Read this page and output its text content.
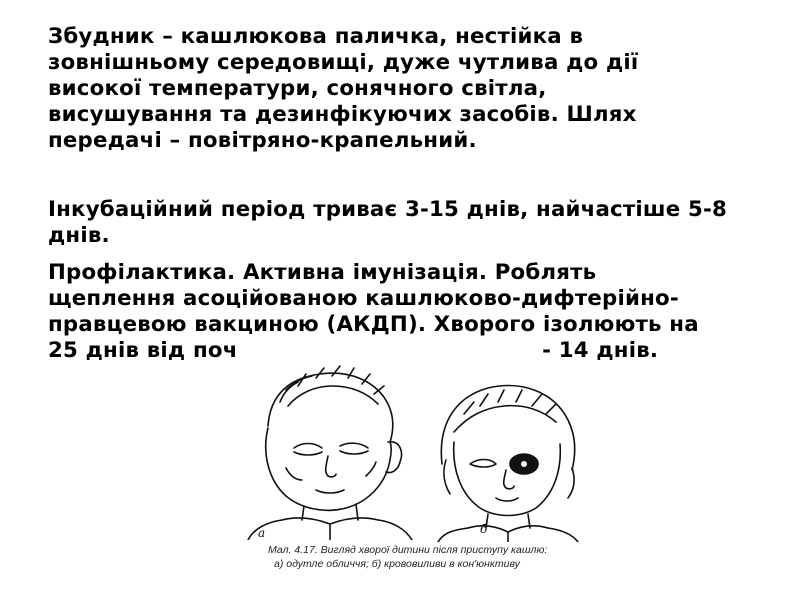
Збудник – кашлюкова паличка, нестійка в
зовнішньому середовищі, дуже чутлива до дії
високої температури, сонячного світла,
висушування та дезинфікуючих засобів. Шлях
передачі – повітряно-крапельний.
Інкубаційний період триває 3-15 днів, найчастіше 5-8
днів.
Профілактика. Активна імунізація. Роблять
щеплення асоційованою кашлюково-дифтерійно-
правцевою вакциною (АКДП). Хворого ізолюють на
25 днів від поч                                        - 14 днів.
а	б
Мал. 4.17. Вигляд хворої дитини після приступу кашлю:
а) одутле обличчя; б) крововиливи в кон'юнктиву
